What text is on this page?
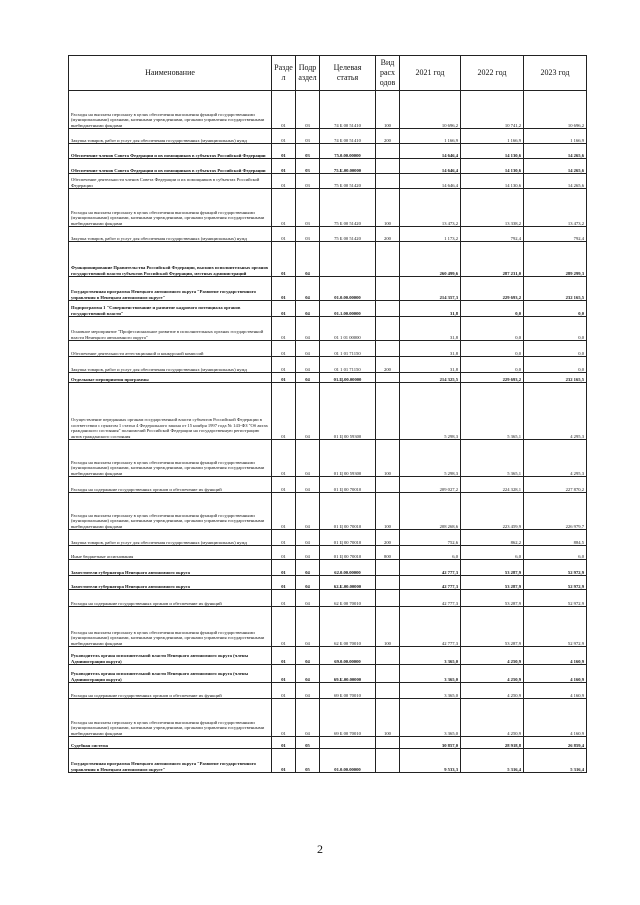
Наименование	Разде л	Подр аздел	Целевая статья	Вид расх одов	2021 год	2022 год	2023 год
Расходы на выплаты персоналу в целях обеспечения выполнения функций государственными (муниципальными) органами, казенными учреждениями, органами управления государственными внебюджетными фондами	01	03	74 Б 00 51410	100	10 696,2	10 741,2	10 696,2
Закупка товаров, работ и услуг для обеспечения государственных (муниципальных) нужд	01	03	74 Б 00 51410	200	1 166,9	1 166,9	1 166,9
Обеспечение членов Совета Федерации и их помощников в субъектах Российской Федерации	01	03	75.0.00.00000		14 646,4	14 130,6	14 265,6
Обеспечение членов Совета Федерации и их помощников в субъектах Российской Федерации	01	03	75.Б.00.00000		14 646,4	14 130,6	14 265,6
Обеспечение деятельности членов Совета Федерации и их помощников в субъектах Российской Федерации	01	03	75 Б 00 51420		14 646,4	14 130,6	14 265,6
Расходы на выплаты персоналу в целях обеспечения выполнения функций государственными (муниципальными) органами, казенными учреждениями, органами управления государственными внебюджетными фондами	01	03	75 Б 00 51420	100	13 473,2	13 338,2	13 473,2
Закупка товаров, работ и услуг для обеспечения государственных (муниципальных) нужд	01	03	75 Б 00 51420	200	1 173,2	792,4	792,4
Функционирование Правительства Российской Федерации, высших исполнительных органов государственной власти субъектов Российской Федерации, местных администраций	01	04			260 499,6	287 231,0	289 299,3
Государственная программа Ненецкого автономного округа "Развитие государственного управления в Ненецком автономном округе"	01	04	01.0.00.00000		214 357,3	229 693,2	232 165,5
Подпрограмма 1 "Совершенствование и развитие кадрового потенциала органов государственной власти"	01	04	01.1.00.00000		31,8	0,0	0,0
Основное мероприятие "Профессиональное развитие в исполнительных органах государственной власти Ненецкого автономного округа"	01	04	01 1 01 00000		31,8	0,0	0,0
Обеспечение деятельности аттестационной и конкурсной комиссий	01	04	01 1 01 71150		31,8	0,0	0,0
Закупка товаров, работ и услуг для обеспечения государственных (муниципальных) нужд	01	04	01 1 01 71150	200	31,8	0,0	0,0
Отдельные мероприятия программы	01	04	01.Ц.00.00000		214 325,5	229 693,2	232 165,5
Осуществление переданных органам государственной власти субъектов Российской Федерации в соответствии с пунктом 1 статьи 4 Федерального закона от 15 ноября 1997 года № 143-ФЗ "Об актах гражданского состояния" полномочий Российской Федерации на государственную регистрацию актов гражданского состояния	01	04	01 Ц 00 59300		5 298,3	5 365,1	4 295,3
Расходы на выплаты персоналу в целях обеспечения выполнения функций государственными (муниципальными) органами, казенными учреждениями, органами управления государственными внебюджетными фондами	01	04	01 Ц 00 59300	100	5 298,3	5 365,1	4 295,3
Расходы на содержание государственных органов и обеспечение их функций	01	04	01 Ц 00 70010		209 027,2	224 328,1	227 870,2
Расходы на выплаты персоналу в целях обеспечения выполнения функций государственными (муниципальными) органами, казенными учреждениями, органами управления государственными внебюджетными фондами	01	04	01 Ц 00 70010	100	208 268,6	223 459,9	226 979,7
Закупка товаров, работ и услуг для обеспечения государственных (муниципальных) нужд	01	04	01 Ц 00 70010	200	752,6	862,2	884,5
Иные бюджетные ассигнования	01	04	01 Ц 00 70010	800	6,0	6,0	6,0
Заместители губернатора Ненецкого автономного округа	01	04	62.0.00.00000		42 777,3	53 287,9	52 972,9
Заместители губернатора Ненецкого автономного округа	01	04	62.Б.00.00000		42 777,3	53 287,9	52 972,9
Расходы на содержание государственных органов и обеспечение их функций	01	04	62 Б 00 70010		42 777,3	53 287,9	52 972,9
Расходы на выплаты персоналу в целях обеспечения выполнения функций государственными (муниципальными) органами, казенными учреждениями, органами управления государственными внебюджетными фондами	01	04	62 Б 00 70010	100	42 777,3	53 287,9	52 972,9
Руководитель органа исполнительной власти Ненецкого автономного округа (члены Администрации округа)	01	04	69.0.00.00000		3 365,0	4 250,9	4 160,9
Руководитель органа исполнительной власти Ненецкого автономного округа (члены Администрации округа)	01	04	69.Б.00.00000		3 365,0	4 250,9	4 160,9
Расходы на содержание государственных органов и обеспечение их функций	01	04	69 Б 00 70010		3 365,0	4 250,9	4 160,9
Расходы на выплаты персоналу в целях обеспечения выполнения функций государственными (муниципальными) органами, казенными учреждениями, органами управления государственными внебюджетными фондами	01	04	69 Б 00 70010	100	3 365,0	4 250,9	4 160,9
Судебная система	01	05			30 857,0	28 918,8	26 859,4
Государственная программа Ненецкого автономного округа "Развитие государственного управления в Ненецком автономном округе"	01	05	01.0.00.00000		9 533,3	5 316,4	5 316,4
2
